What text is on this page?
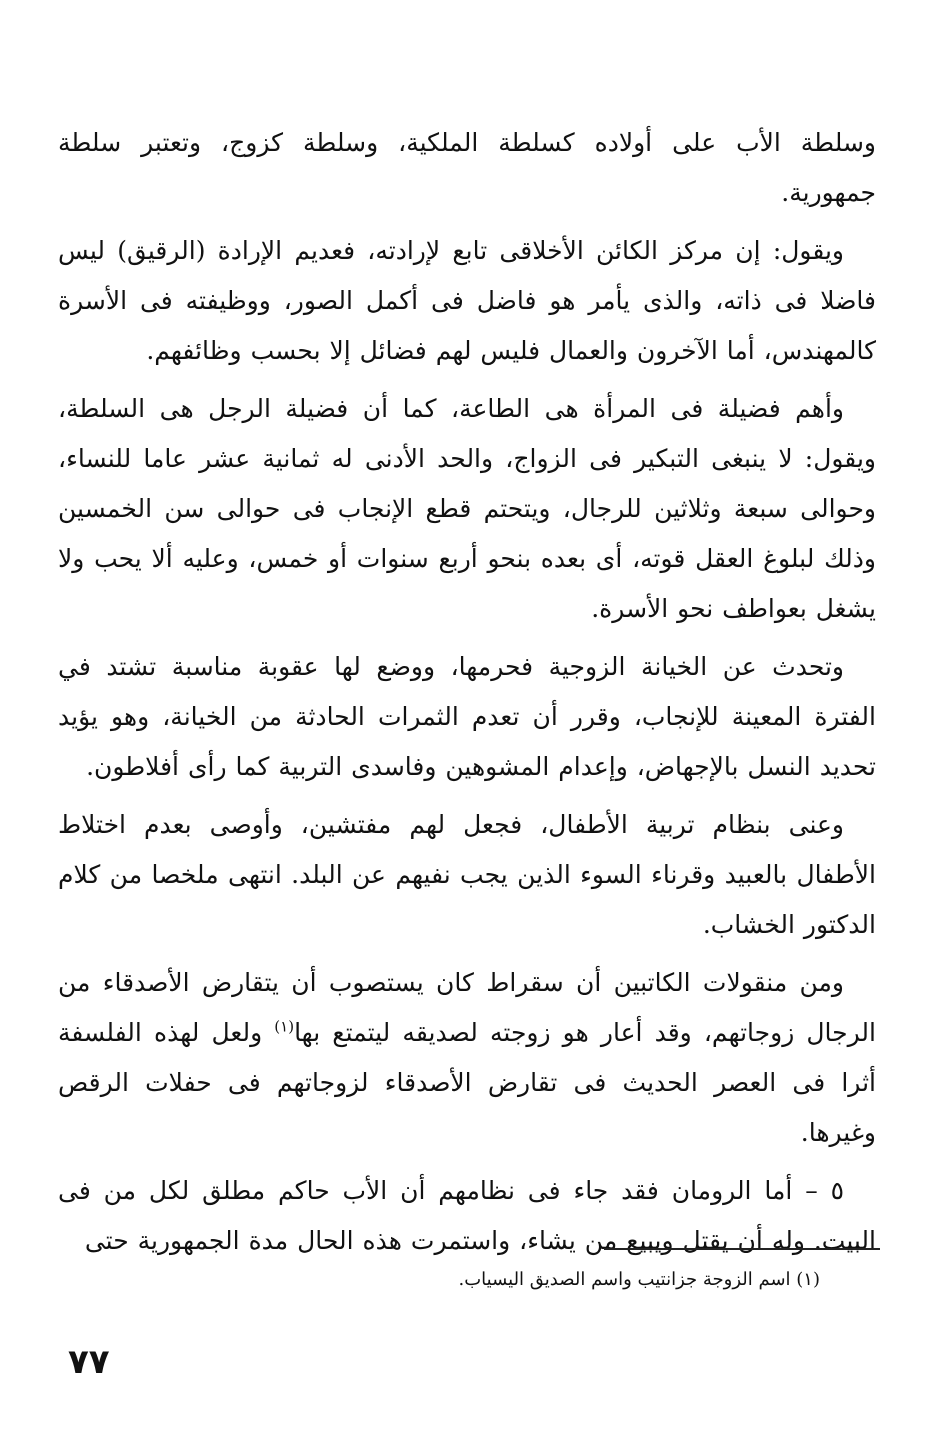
وسلطة الأب على أولاده كسلطة الملكية، وسلطة كزوج، وتعتبر سلطة جمهورية.

ويقول: إن مركز الكائن الأخلاقى تابع لإرادته، فعديم الإرادة (الرقيق) ليس فاضلا فى ذاته، والذى يأمر هو فاضل فى أكمل الصور، ووظيفته فى الأسرة كالمهندس، أما الآخرون والعمال فليس لهم فضائل إلا بحسب وظائفهم.

وأهم فضيلة فى المرأة هى الطاعة، كما أن فضيلة الرجل هى السلطة، ويقول: لا ينبغى التبكير فى الزواج، والحد الأدنى له ثمانية عشر عاما للنساء، وحوالى سبعة وثلاثين للرجال، ويتحتم قطع الإنجاب فى حوالى سن الخمسين وذلك لبلوغ العقل قوته، أى بعده بنحو أربع سنوات أو خمس، وعليه ألا يحب ولا يشغل بعواطف نحو الأسرة.

وتحدث عن الخيانة الزوجية فحرمها، ووضع لها عقوبة مناسبة تشتد في الفترة المعينة للإنجاب، وقرر أن تعدم الثمرات الحادثة من الخيانة، وهو يؤيد تحديد النسل بالإجهاض، وإعدام المشوهين وفاسدى التربية كما رأى أفلاطون.

وعنى بنظام تربية الأطفال، فجعل لهم مفتشين، وأوصى بعدم اختلاط الأطفال بالعبيد وقرناء السوء الذين يجب نفيهم عن البلد. انتهى ملخصا من كلام الدكتور الخشاب.

ومن منقولات الكاتبين أن سقراط كان يستصوب أن يتقارض الأصدقاء من الرجال زوجاتهم، وقد أعار هو زوجته لصديقه ليتمتع بها$^{(١)}$ ولعل لهذه الفلسفة أثرا فى العصر الحديث فى تقارض الأصدقاء لزوجاتهم فى حفلات الرقص وغيرها.

٥ – أما الرومان فقد جاء فى نظامهم أن الأب حاكم مطلق لكل من فى البيت. وله أن يقتل ويبيع من يشاء، واستمرت هذه الحال مدة الجمهورية حتى

(١) اسم الزوجة جزانتيب واسم الصديق اليسياب.
٧٧
